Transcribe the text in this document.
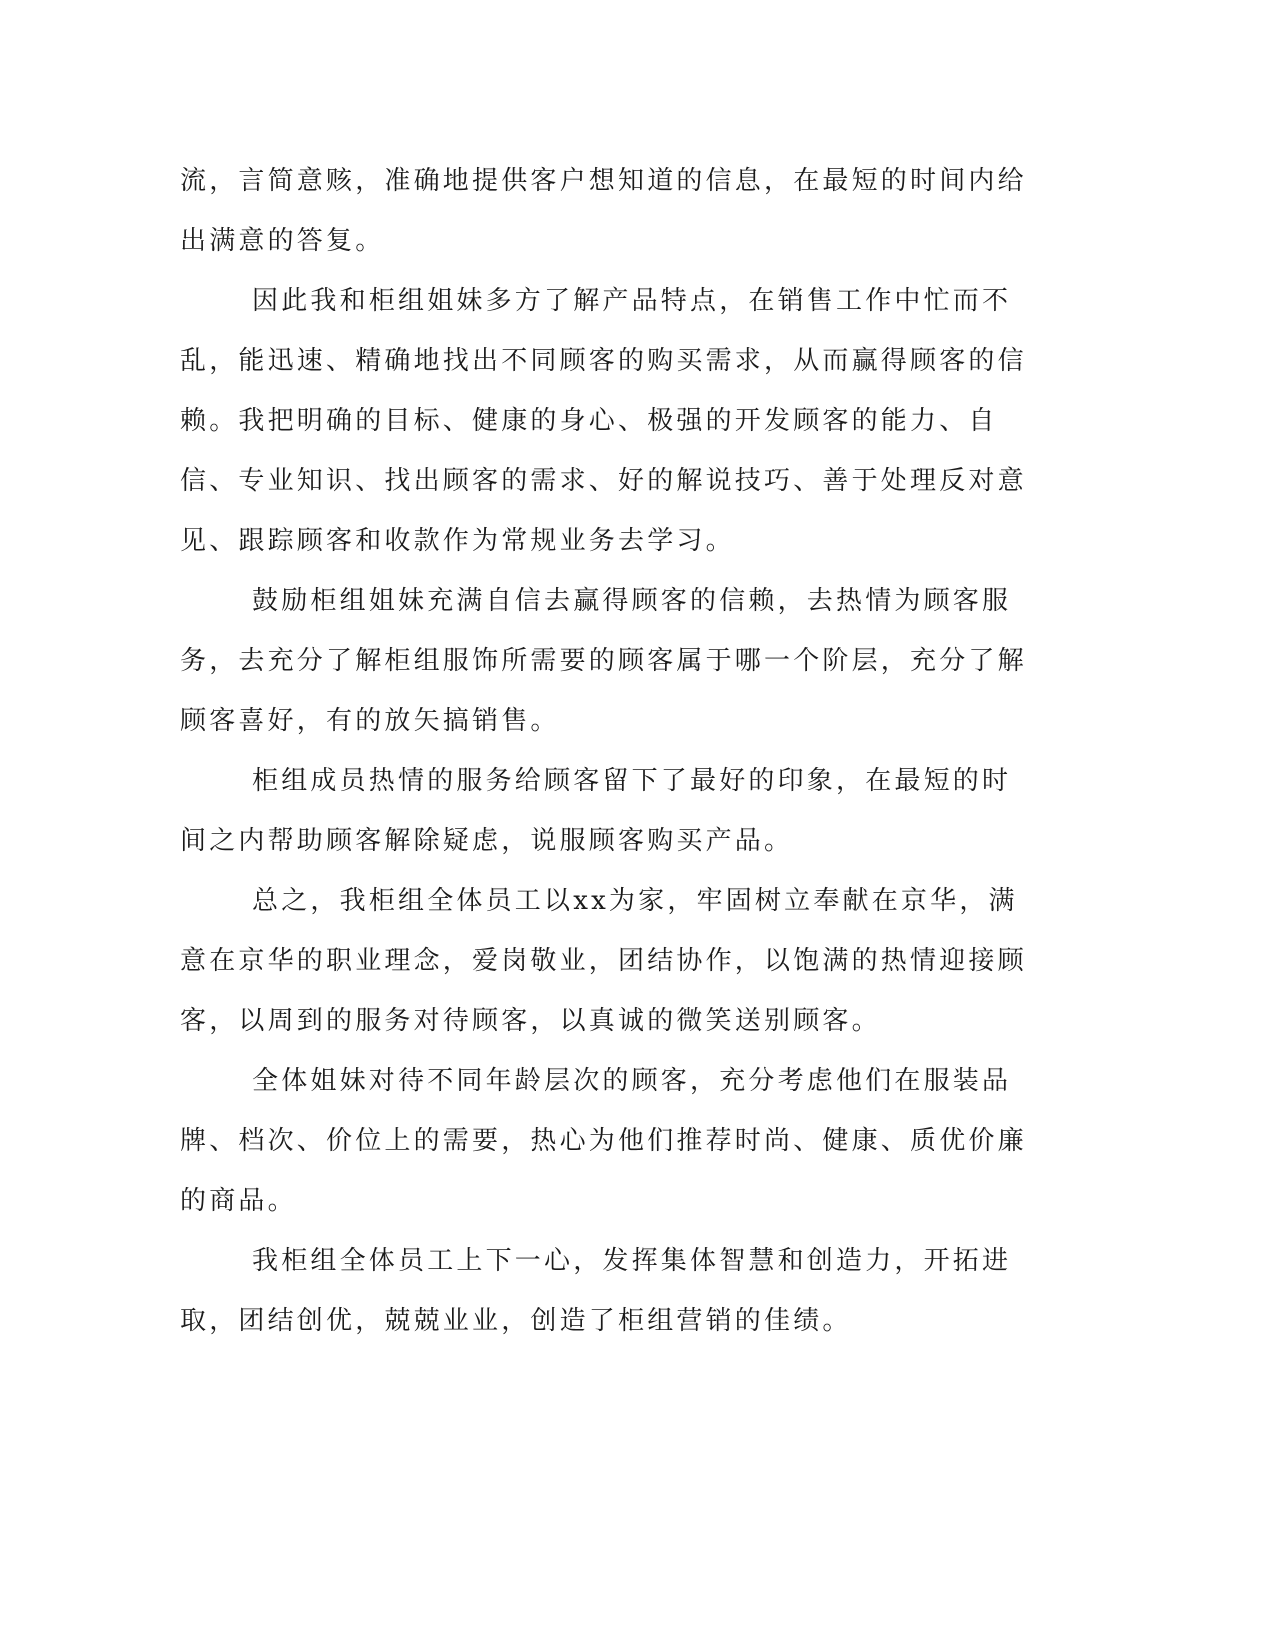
流，言简意赅，准确地提供客户想知道的信息，在最短的时间内给出满意的答复。

因此我和柜组姐妹多方了解产品特点，在销售工作中忙而不乱，能迅速、精确地找出不同顾客的购买需求，从而赢得顾客的信赖。我把明确的目标、健康的身心、极强的开发顾客的能力、自信、专业知识、找出顾客的需求、好的解说技巧、善于处理反对意见、跟踪顾客和收款作为常规业务去学习。

鼓励柜组姐妹充满自信去赢得顾客的信赖，去热情为顾客服务，去充分了解柜组服饰所需要的顾客属于哪一个阶层，充分了解顾客喜好，有的放矢搞销售。

柜组成员热情的服务给顾客留下了最好的印象，在最短的时间之内帮助顾客解除疑虑，说服顾客购买产品。

总之，我柜组全体员工以xx为家，牢固树立奉献在京华，满意在京华的职业理念，爱岗敬业，团结协作，以饱满的热情迎接顾客，以周到的服务对待顾客，以真诚的微笑送别顾客。

全体姐妹对待不同年龄层次的顾客，充分考虑他们在服装品牌、档次、价位上的需要，热心为他们推荐时尚、健康、质优价廉的商品。

我柜组全体员工上下一心，发挥集体智慧和创造力，开拓进取，团结创优，兢兢业业，创造了柜组营销的佳绩。
